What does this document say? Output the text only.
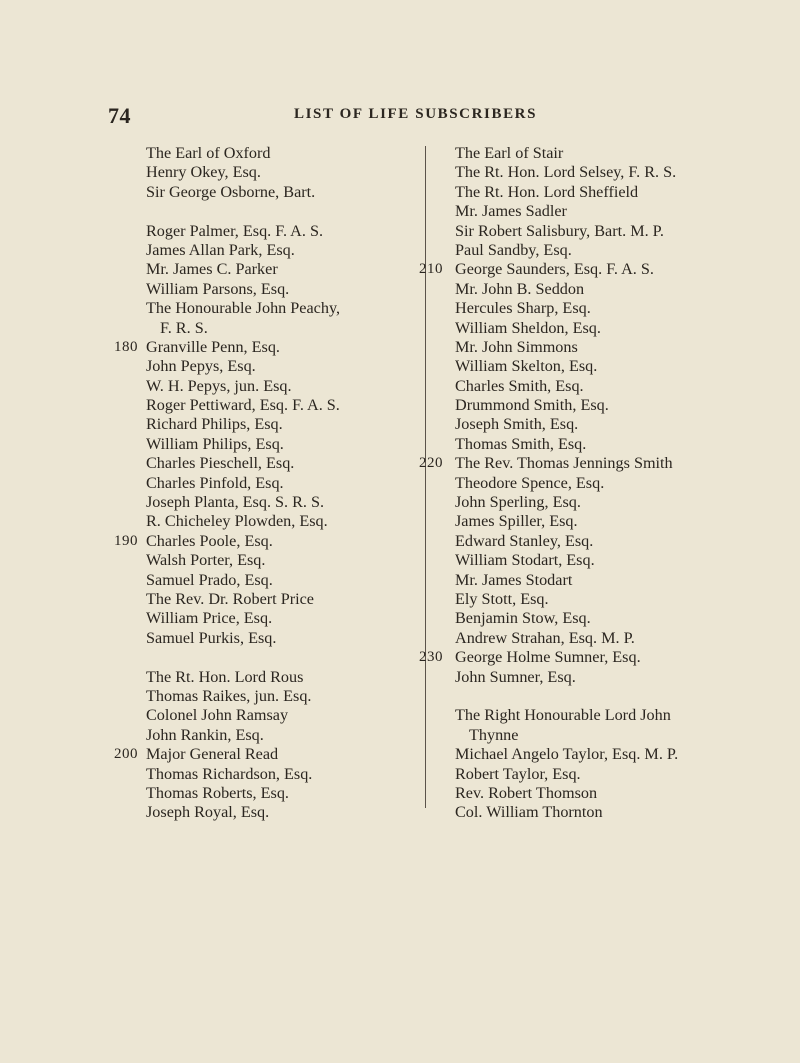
74	LIST OF LIFE SUBSCRIBERS
The Earl of Oxford
Henry Okey, Esq.
Sir George Osborne, Bart.
Roger Palmer, Esq. F. A. S.
James Allan Park, Esq.
Mr. James C. Parker
William Parsons, Esq.
The Honourable John Peachy,
F. R. S.
180 Granville Penn, Esq.
John Pepys, Esq.
W. H. Pepys, jun. Esq.
Roger Pettiward, Esq. F. A. S.
Richard Philips, Esq.
William Philips, Esq.
Charles Pieschell, Esq.
Charles Pinfold, Esq.
Joseph Planta, Esq. S. R. S.
R. Chicheley Plowden, Esq.
190 Charles Poole, Esq.
Walsh Porter, Esq.
Samuel Prado, Esq.
The Rev. Dr. Robert Price
William Price, Esq.
Samuel Purkis, Esq.
The Rt. Hon. Lord Rous
Thomas Raikes, jun. Esq.
Colonel John Ramsay
John Rankin, Esq.
200 Major General Read
Thomas Richardson, Esq.
Thomas Roberts, Esq.
Joseph Royal, Esq.
The Earl of Stair
The Rt. Hon. Lord Selsey, F. R. S.
The Rt. Hon. Lord Sheffield
Mr. James Sadler
Sir Robert Salisbury, Bart. M. P.
Paul Sandby, Esq.
210 George Saunders, Esq. F. A. S.
Mr. John B. Seddon
Hercules Sharp, Esq.
William Sheldon, Esq.
Mr. John Simmons
William Skelton, Esq.
Charles Smith, Esq.
Drummond Smith, Esq.
Joseph Smith, Esq.
Thomas Smith, Esq.
220 The Rev. Thomas Jennings Smith
Theodore Spence, Esq.
John Sperling, Esq.
James Spiller, Esq.
Edward Stanley, Esq.
William Stodart, Esq.
Mr. James Stodart
Ely Stott, Esq.
Benjamin Stow, Esq.
Andrew Strahan, Esq. M. P.
230 George Holme Sumner, Esq.
John Sumner, Esq.
The Right Honourable Lord John
Thynne
Michael Angelo Taylor, Esq. M. P.
Robert Taylor, Esq.
Rev. Robert Thomson
Col. William Thornton
